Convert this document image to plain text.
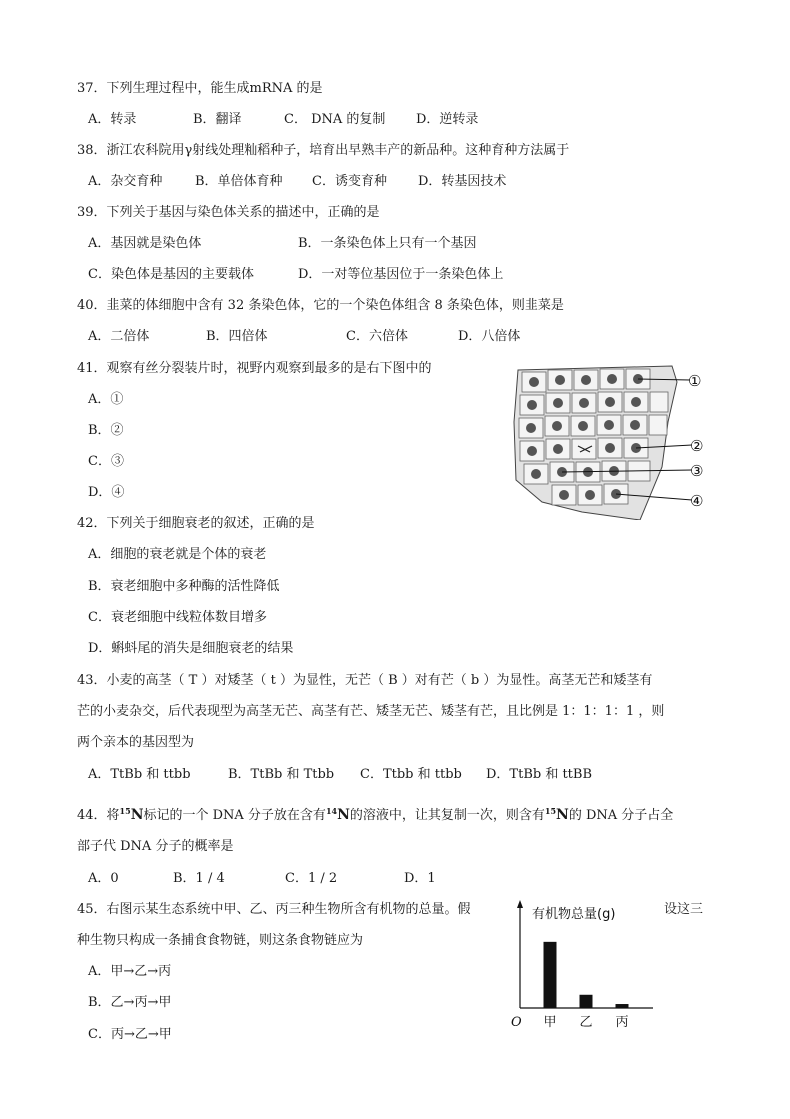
37．下列生理过程中，能生成mRNA 的是
A．转录	B．翻译	C． DNA 的复制 D．逆转录
38．浙江农科院用γ射线处理籼稻种子，培育出早熟丰产的新品种。这种育种方法属于
A．杂交育种	B．单倍体育种 C．诱变育种 D．转基因技术
39．下列关于基因与染色体关系的描述中，正确的是
A．基因就是染色体	B．一条染色体上只有一个基因
C．染色体是基因的主要载体	D．一对等位基因位于一条染色体上
40．韭菜的体细胞中含有 32 条染色体，它的一个染色体组含 8 条染色体，则韭菜是
A．二倍体	B．四倍体	C．六倍体	D．八倍体
41．观察有丝分裂装片时，视野内观察到最多的是右下图中的
A．①
B．②
C．③
D．④
①
②
③
④
42．下列关于细胞衰老的叙述，正确的是
A．细胞的衰老就是个体的衰老
B．衰老细胞中多种酶的活性降低
C．衰老细胞中线粒体数目增多
D．蝌蚪尾的消失是细胞衰老的结果
43．小麦的高茎（ T ）对矮茎（ t ）为显性，无芒（ B ）对有芒（ b ）为显性。高茎无芒和矮茎有
芒的小麦杂交，后代表现型为高茎无芒、高茎有芒、矮茎无芒、矮茎有芒，且比例是 1：1：1：1 ，则
两个亲本的基因型为
A．TtBb 和 ttbb	B．TtBb 和 Ttbb C．Ttbb 和 ttbb D．TtBb 和 ttBB
44．将$^{15}$N标记的一个 DNA 分子放在含有$^{14}$N的溶液中，让其复制一次，则含有$^{15}$N的 DNA 分子占全
部子代 DNA 分子的概率是
A．0	B．1 / 4	C．1 / 2	D．1
45．右图示某生态系统中甲、乙、丙三种生物所含有机物的总量。假	设这三
种生物只构成一条捕食食物链，则这条食物链应为
A．甲→乙→丙
B．乙→丙→甲
C．丙→乙→甲
有机物总量(g)
O 甲 乙 丙
